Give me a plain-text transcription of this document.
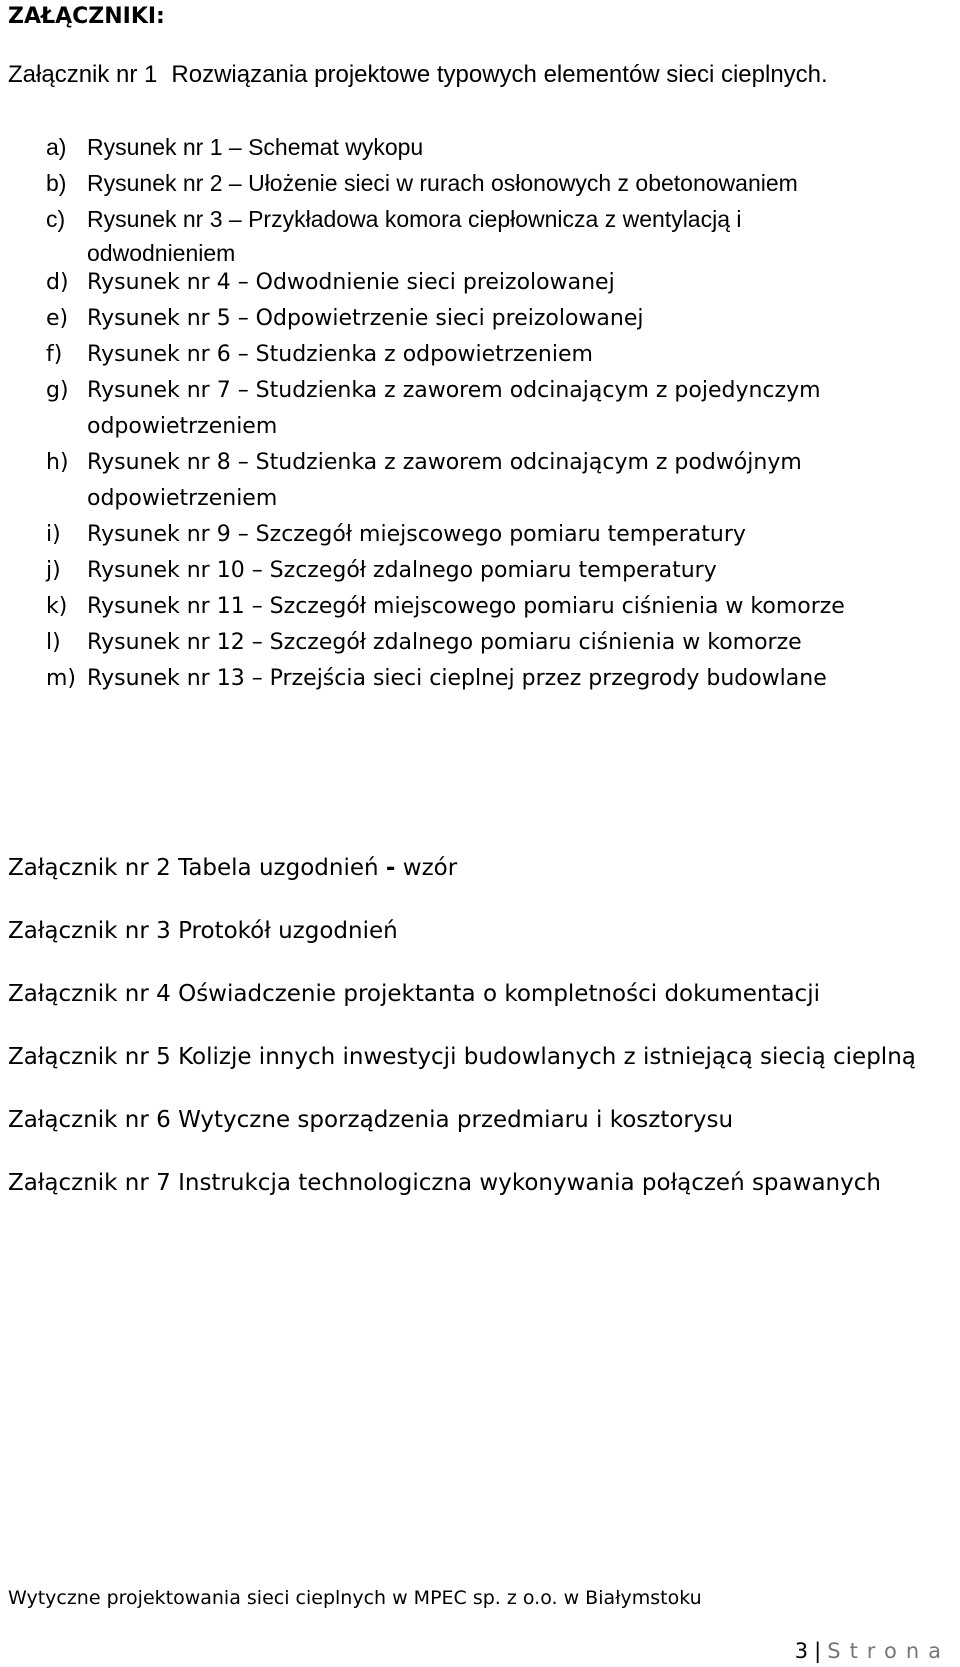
ZAŁĄCZNIKI:
Załącznik nr 1 Rozwiązania projektowe typowych elementów sieci cieplnych.
a) Rysunek nr 1 – Schemat wykopu
b) Rysunek nr 2 – Ułożenie sieci w rurach osłonowych z obetonowaniem
c) Rysunek nr 3 – Przykładowa komora ciepłownicza z wentylacją i
odwodnieniem
d) Rysunek nr 4 – Odwodnienie sieci preizolowanej
e) Rysunek nr 5 – Odpowietrzenie sieci preizolowanej
f) Rysunek nr 6 – Studzienka z odpowietrzeniem
g) Rysunek nr 7 – Studzienka z zaworem odcinającym z pojedynczym
odpowietrzeniem
h) Rysunek nr 8 – Studzienka z zaworem odcinającym z podwójnym
odpowietrzeniem
i) Rysunek nr 9 – Szczegół miejscowego pomiaru temperatury
j) Rysunek nr 10 – Szczegół zdalnego pomiaru temperatury
k) Rysunek nr 11 – Szczegół miejscowego pomiaru ciśnienia w komorze
l) Rysunek nr 12 – Szczegół zdalnego pomiaru ciśnienia w komorze
m) Rysunek nr 13 – Przejścia sieci cieplnej przez przegrody budowlane
Załącznik nr 2 Tabela uzgodnień - wzór
Załącznik nr 3 Protokół uzgodnień
Załącznik nr 4 Oświadczenie projektanta o kompletności dokumentacji
Załącznik nr 5 Kolizje innych inwestycji budowlanych z istniejącą siecią cieplną
Załącznik nr 6 Wytyczne sporządzenia przedmiaru i kosztorysu
Załącznik nr 7 Instrukcja technologiczna wykonywania połączeń spawanych
Wytyczne projektowania sieci cieplnych w MPEC sp. z o.o. w Białymstoku
3 | Strona
